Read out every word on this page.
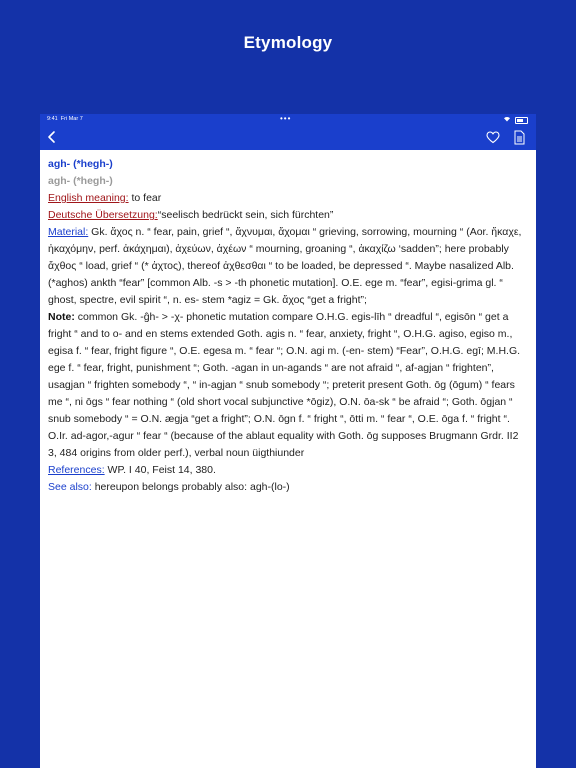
Etymology
9:41 Fri Mar 7	•••

agh- (*hegh-)

agh- (*hegh-)

English meaning: to fear

Deutsche Übersetzung:“seelisch bedrückt sein, sich fürchten”

Material: Gk. ἄχος n. “ fear, pain, grief “, ἄχνυμαι, ἄχομαι “ grieving, sorrowing, mourning “ (Aor. ἤκαχε, ἠκαχόμην, perf. ἀκάχημαι), ἀχεύων, ἀχέων “ mourning, groaning “, ἀκαχίζω ‘sadden”; here probably ἄχθος “ load, grief “ (* ἀχτος), thereof ἀχθεσθαι “ to be loaded, be depressed “. Maybe nasalized Alb. (*aghos) ankth “fear” [common Alb. -s > -th phonetic mutation]. O.E. ege m. “fear”, egisi-grima gl. “ ghost, spectre, evil spirit “, n. es- stem *agiz = Gk. ἄχος “get a fright”;

Note: common Gk. -ĝh- > -χ- phonetic mutation compare O.H.G. egis-līh “ dreadful “, egisōn “ get a fright “ and to o- and en stems extended Goth. agis n. “ fear, anxiety, fright “, O.H.G. agiso, egiso m., egisa f. “ fear, fright figure “, O.E. egesa m. “ fear “; O.N. agi m. (-en- stem) “Fear”, O.H.G. egī; M.H.G. ege f. “ fear, fright, punishment “; Goth. -agan in un-agands “ are not afraid “, af-agjan “ frighten”, usagjan “ frighten somebody “, “ in-agjan “ snub somebody “; preterit present Goth. ōg (ōgum) “ fears me “, ni ōgs “ fear nothing “ (old short vocal subjunctive *ōgiz), O.N. ōa-sk “ be afraid “; Goth. ōgjan “ snub somebody “ = O.N. ægja “get a fright”; O.N. ōgn f. “ fright “, ōtti m. “ fear “, O.E. ōga f. “ fright “. O.Ir. ad-agor,-agur “ fear “ (because of the ablaut equality with Goth. ōg supposes Brugmann Grdr. II2 3, 484 origins from older perf.), verbal noun üigthiunder

References: WP. I 40, Feist 14, 380.

See also: hereupon belongs probably also: agh-(lo-)
